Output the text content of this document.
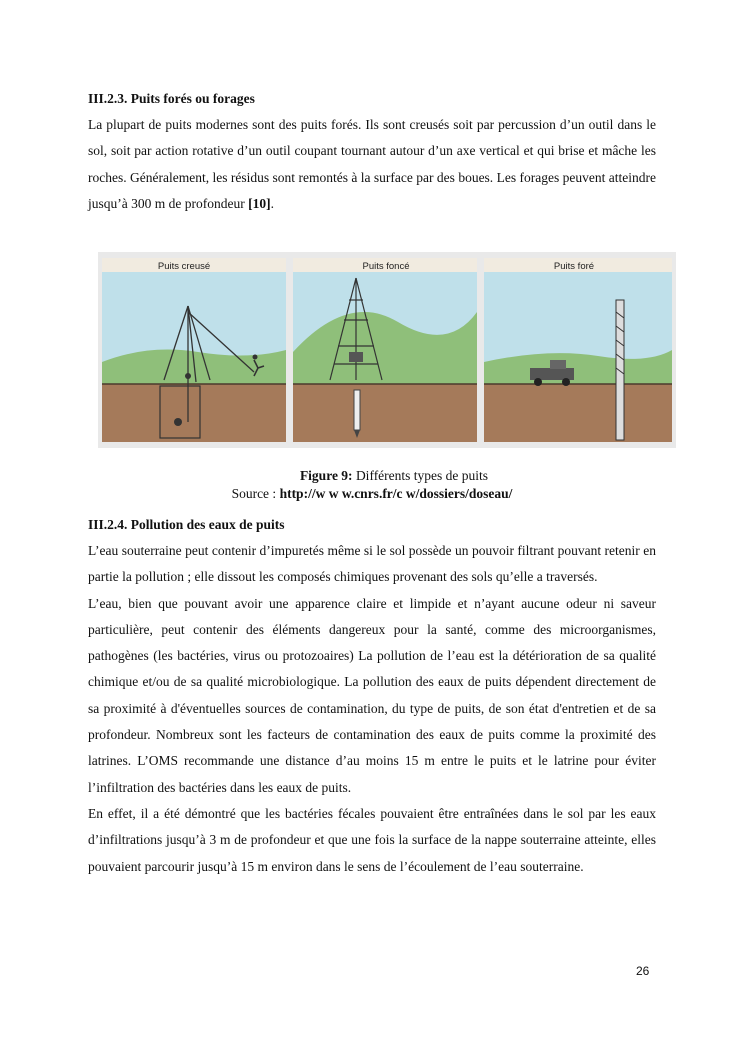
III.2.3. Puits forés ou forages

La plupart de puits modernes sont des puits forés. Ils sont creusés soit par percussion d’un outil dans le sol, soit par action rotative d’un outil coupant tournant autour d’un axe vertical et qui brise et mâche les roches. Généralement, les résidus sont remontés à la surface par des boues. Les forages peuvent atteindre jusqu’à 300 m de profondeur [10].

Puits creusé	Puits foncé	Puits foré
Figure 9: Différents types de puits
Source : http://w w w.cnrs.fr/c w/dossiers/doseau/

III.2.4. Pollution des eaux de puits

L’eau souterraine peut contenir d’impuretés même si le sol possède un pouvoir filtrant pouvant retenir en partie la pollution ; elle dissout les composés chimiques provenant des sols qu’elle a traversés.

L’eau, bien que pouvant avoir une apparence claire et limpide et n’ayant aucune odeur ni saveur particulière, peut contenir des éléments dangereux pour la santé, comme des microorganismes, pathogènes (les bactéries, virus ou protozoaires) La pollution de l’eau est la détérioration de sa qualité chimique et/ou de sa qualité microbiologique. La pollution des eaux de puits dépendent directement de sa proximité à d'éventuelles sources de contamination, du type de puits, de son état d'entretien et de sa profondeur. Nombreux sont les facteurs de contamination des eaux de puits comme la proximité des latrines. L’OMS recommande une distance d’au moins 15 m entre le puits et le latrine pour éviter l’infiltration des bactéries dans les eaux de puits.

En effet, il a été démontré que les bactéries fécales pouvaient être entraînées dans le sol par les eaux d’infiltrations jusqu’à 3 m de profondeur et que une fois la surface de la nappe souterraine atteinte, elles pouvaient parcourir jusqu’à 15 m environ dans le sens de l’écoulement de l’eau souterraine.

26
